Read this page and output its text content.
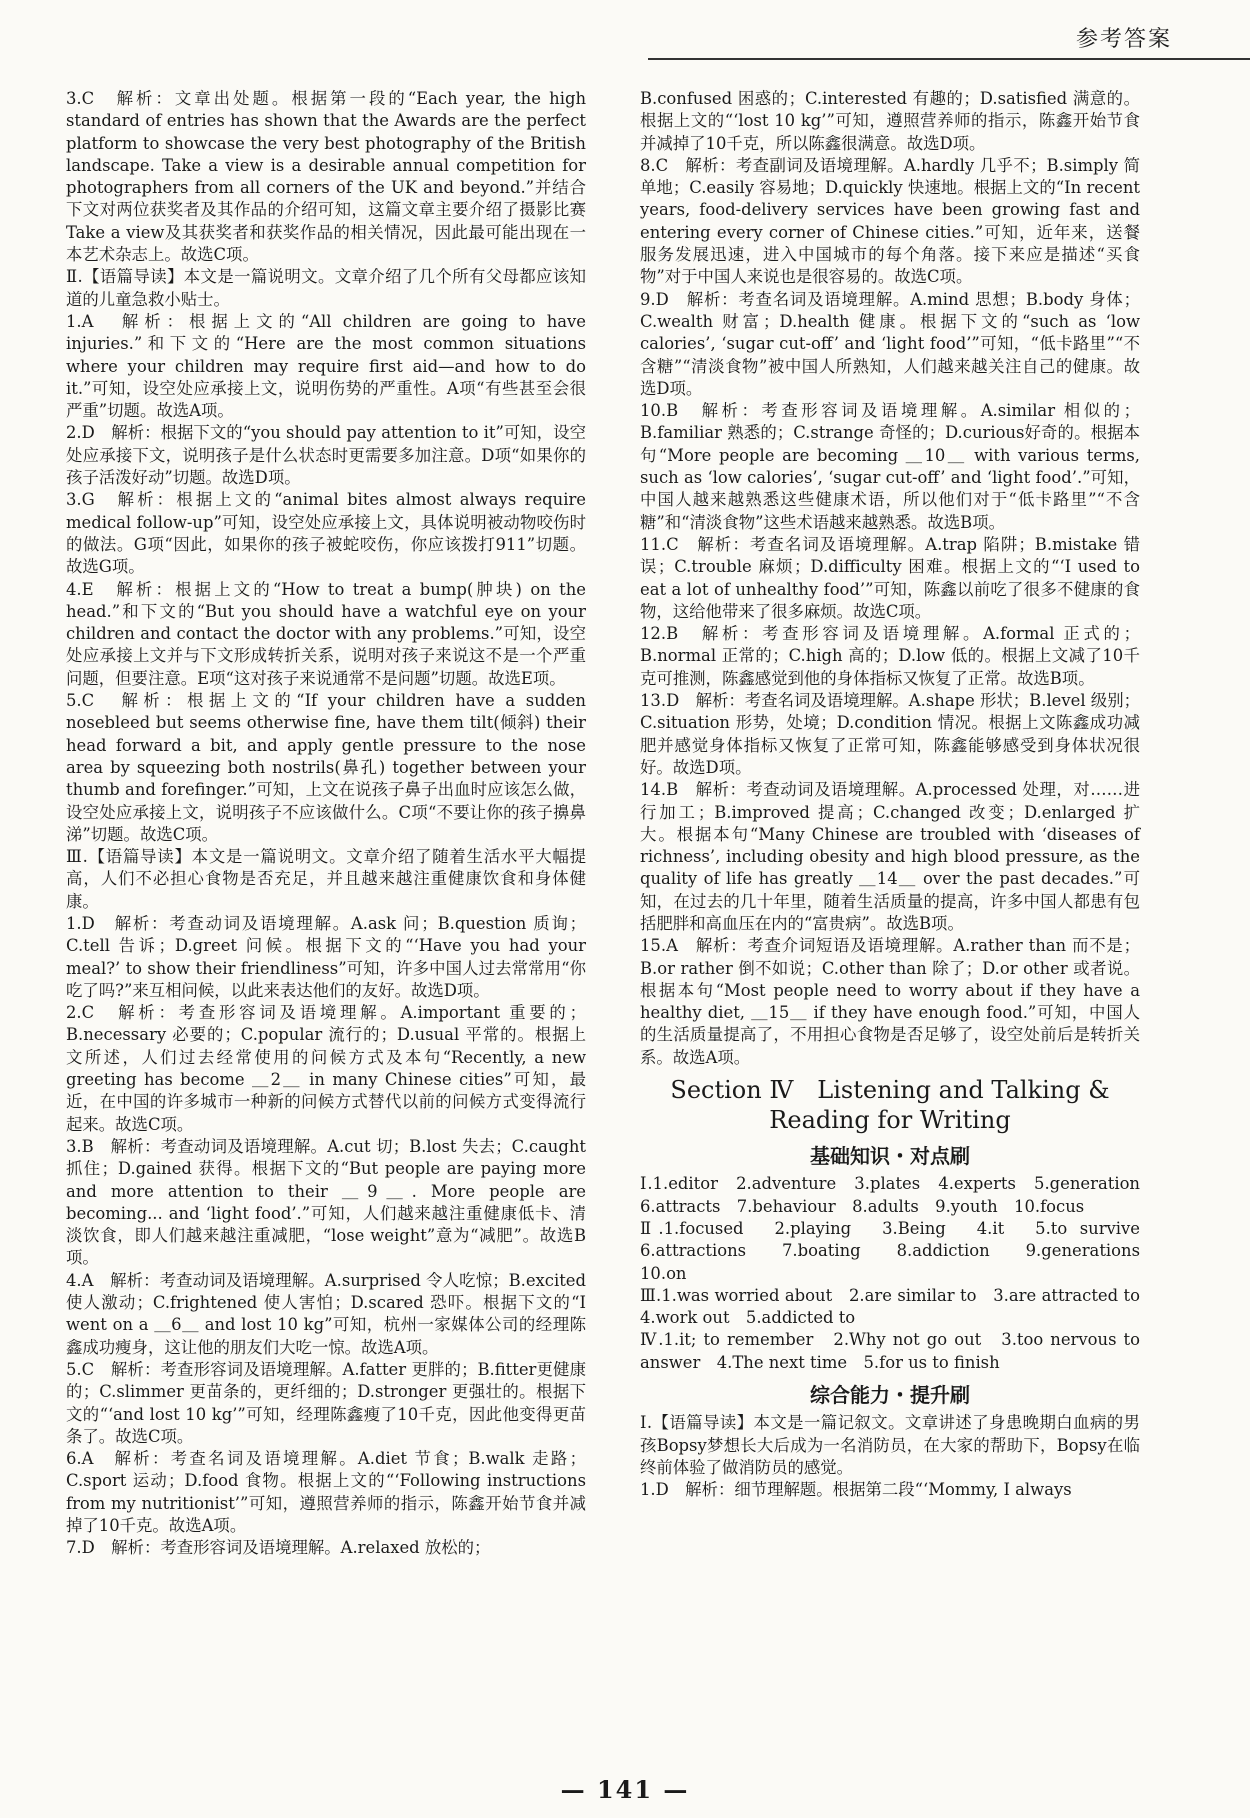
参考答案

3.C　解析：文章出处题。根据第一段的“Each year, the high standard of entries has shown that the Awards are the perfect platform to showcase the very best photography of the British landscape. Take a view is a desirable annual competition for photographers from all corners of the UK and beyond.”并结合下文对两位获奖者及其作品的介绍可知，这篇文章主要介绍了摄影比赛Take a view及其获奖者和获奖作品的相关情况，因此最可能出现在一本艺术杂志上。故选C项。

Ⅱ.【语篇导读】本文是一篇说明文。文章介绍了几个所有父母都应该知道的儿童急救小贴士。

1.A　解析：根据上文的“All children are going to have injuries.”和下文的“Here are the most common situations where your children may require first aid—and how to do it.”可知，设空处应承接上文，说明伤势的严重性。A项“有些甚至会很严重”切题。故选A项。

2.D　解析：根据下文的“you should pay attention to it”可知，设空处应承接下文，说明孩子是什么状态时更需要多加注意。D项“如果你的孩子活泼好动”切题。故选D项。

3.G　解析：根据上文的“animal bites almost always require medical follow-up”可知，设空处应承接上文，具体说明被动物咬伤时的做法。G项“因此，如果你的孩子被蛇咬伤，你应该拨打911”切题。故选G项。

4.E　解析：根据上文的“How to treat a bump(肿块) on the head.”和下文的“But you should have a watchful eye on your children and contact the doctor with any problems.”可知，设空处应承接上文并与下文形成转折关系，说明对孩子来说这不是一个严重问题，但要注意。E项“这对孩子来说通常不是问题”切题。故选E项。

5.C　解析：根据上文的“If your children have a sudden nosebleed but seems otherwise fine, have them tilt(倾斜) their head forward a bit, and apply gentle pressure to the nose area by squeezing both nostrils(鼻孔) together between your thumb and forefinger.”可知，上文在说孩子鼻子出血时应该怎么做，设空处应承接上文，说明孩子不应该做什么。C项“不要让你的孩子擤鼻涕”切题。故选C项。

Ⅲ.【语篇导读】本文是一篇说明文。文章介绍了随着生活水平大幅提高，人们不必担心食物是否充足，并且越来越注重健康饮食和身体健康。

1.D　解析：考查动词及语境理解。A.ask 问；B.question 质询；C.tell 告诉；D.greet 问候。根据下文的“‘Have you had your meal?’ to show their friendliness”可知，许多中国人过去常常用“你吃了吗?”来互相问候，以此来表达他们的友好。故选D项。

2.C　解析：考查形容词及语境理解。A.important 重要的；B.necessary 必要的；C.popular 流行的；D.usual 平常的。根据上文所述，人们过去经常使用的问候方式及本句“Recently, a new greeting has become ＿2＿ in many Chinese cities”可知，最近，在中国的许多城市一种新的问候方式替代以前的问候方式变得流行起来。故选C项。

3.B　解析：考查动词及语境理解。A.cut 切；B.lost 失去；C.caught 抓住；D.gained 获得。根据下文的“But people are paying more and more attention to their ＿9＿. More people are becoming... and ‘light food’.”可知，人们越来越注重健康低卡、清淡饮食，即人们越来越注重减肥，“lose weight”意为“减肥”。故选B项。

4.A　解析：考查动词及语境理解。A.surprised 令人吃惊；B.excited 使人激动；C.frightened 使人害怕；D.scared 恐吓。根据下文的“I went on a ＿6＿ and lost 10 kg”可知，杭州一家媒体公司的经理陈鑫成功瘦身，这让他的朋友们大吃一惊。故选A项。

5.C　解析：考查形容词及语境理解。A.fatter 更胖的；B.fitter更健康的；C.slimmer 更苗条的，更纤细的；D.stronger 更强壮的。根据下文的“‘and lost 10 kg’”可知，经理陈鑫瘦了10千克，因此他变得更苗条了。故选C项。

6.A　解析：考查名词及语境理解。A.diet 节食；B.walk 走路；C.sport 运动；D.food 食物。根据上文的“‘Following instructions from my nutritionist’”可知，遵照营养师的指示，陈鑫开始节食并减掉了10千克。故选A项。

7.D　解析：考查形容词及语境理解。A.relaxed 放松的；

B.confused 困惑的；C.interested 有趣的；D.satisfied 满意的。根据上文的“‘lost 10 kg’”可知，遵照营养师的指示，陈鑫开始节食并减掉了10千克，所以陈鑫很满意。故选D项。

8.C　解析：考查副词及语境理解。A.hardly 几乎不；B.simply 简单地；C.easily 容易地；D.quickly 快速地。根据上文的“In recent years, food-delivery services have been growing fast and entering every corner of Chinese cities.”可知，近年来，送餐服务发展迅速，进入中国城市的每个角落。接下来应是描述“买食物”对于中国人来说也是很容易的。故选C项。

9.D　解析：考查名词及语境理解。A.mind 思想；B.body 身体；C.wealth 财富；D.health 健康。根据下文的“such as ‘low calories’, ‘sugar cut-off’ and ‘light food’”可知，“低卡路里”“不含糖”“清淡食物”被中国人所熟知，人们越来越关注自己的健康。故选D项。

10.B　解析：考查形容词及语境理解。A.similar 相似的；B.familiar 熟悉的；C.strange 奇怪的；D.curious好奇的。根据本句“More people are becoming ＿10＿ with various terms, such as ‘low calories’, ‘sugar cut-off’ and ‘light food’.”可知，中国人越来越熟悉这些健康术语，所以他们对于“低卡路里”“不含糖”和“清淡食物”这些术语越来越熟悉。故选B项。

11.C　解析：考查名词及语境理解。A.trap 陷阱；B.mistake 错误；C.trouble 麻烦；D.difficulty 困难。根据上文的“‘I used to eat a lot of unhealthy food’”可知，陈鑫以前吃了很多不健康的食物，这给他带来了很多麻烦。故选C项。

12.B　解析：考查形容词及语境理解。A.formal 正式的；B.normal 正常的；C.high 高的；D.low 低的。根据上文减了10千克可推测，陈鑫感觉到他的身体指标又恢复了正常。故选B项。

13.D　解析：考查名词及语境理解。A.shape 形状；B.level 级别；C.situation 形势，处境；D.condition 情况。根据上文陈鑫成功减肥并感觉身体指标又恢复了正常可知，陈鑫能够感受到身体状况很好。故选D项。

14.B　解析：考查动词及语境理解。A.processed 处理，对……进行加工；B.improved 提高；C.changed 改变；D.enlarged 扩大。根据本句“Many Chinese are troubled with ‘diseases of richness’, including obesity and high blood pressure, as the quality of life has greatly ＿14＿ over the past decades.”可知，在过去的几十年里，随着生活质量的提高，许多中国人都患有包括肥胖和高血压在内的“富贵病”。故选B项。

15.A　解析：考查介词短语及语境理解。A.rather than 而不是；B.or rather 倒不如说；C.other than 除了；D.or other 或者说。根据本句“Most people need to worry about if they have a healthy diet, ＿15＿ if they have enough food.”可知，中国人的生活质量提高了，不用担心食物是否足够了，设空处前后是转折关系。故选A项。

Section Ⅳ　Listening and Talking & Reading for Writing
基础知识・对点刷

Ⅰ.1.editor　2.adventure　3.plates　4.experts　5.generation　6.attracts　7.behaviour　8.adults　9.youth　10.focus

Ⅱ.1.focused　2.playing　3.Being　4.it　5.to survive　6.attractions　7.boating　8.addiction　9.generations　10.on

Ⅲ.1.was worried about　2.are similar to　3.are attracted to　4.work out　5.addicted to

Ⅳ.1.it; to remember　2.Why not go out　3.too nervous to answer　4.The next time　5.for us to finish

综合能力・提升刷

Ⅰ.【语篇导读】本文是一篇记叙文。文章讲述了身患晚期白血病的男孩Bopsy梦想长大后成为一名消防员，在大家的帮助下，Bopsy在临终前体验了做消防员的感觉。

1.D　解析：细节理解题。根据第二段“‘Mommy, I always

— 141 —
